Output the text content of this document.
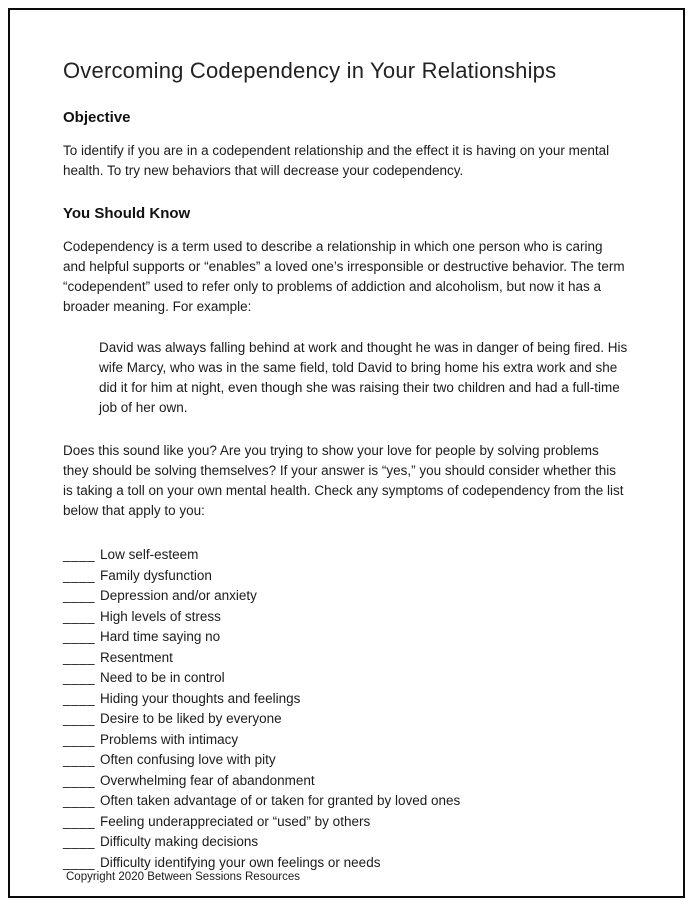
Overcoming Codependency in Your Relationships
Objective

To identify if you are in a codependent relationship and the effect it is having on your mental health. To try new behaviors that will decrease your codependency.

You Should Know

Codependency is a term used to describe a relationship in which one person who is caring and helpful supports or “enables” a loved one’s irresponsible or destructive behavior. The term “codependent” used to refer only to problems of addiction and alcoholism, but now it has a broader meaning. For example:

David was always falling behind at work and thought he was in danger of being fired. His wife Marcy, who was in the same field, told David to bring home his extra work and she did it for him at night, even though she was raising their two children and had a full-time job of her own.

Does this sound like you? Are you trying to show your love for people by solving problems they should be solving themselves? If your answer is “yes,” you should consider whether this is taking a toll on your own mental health. Check any symptoms of codependency from the list below that apply to you:

____ Low self-esteem
____ Family dysfunction
____ Depression and/or anxiety
____ High levels of stress
____ Hard time saying no
____ Resentment
____ Need to be in control
____ Hiding your thoughts and feelings
____ Desire to be liked by everyone
____ Problems with intimacy
____ Often confusing love with pity
____ Overwhelming fear of abandonment
____ Often taken advantage of or taken for granted by loved ones
____ Feeling underappreciated or “used” by others
____ Difficulty making decisions
____ Difficulty identifying your own feelings or needs
Copyright 2020 Between Sessions Resources
